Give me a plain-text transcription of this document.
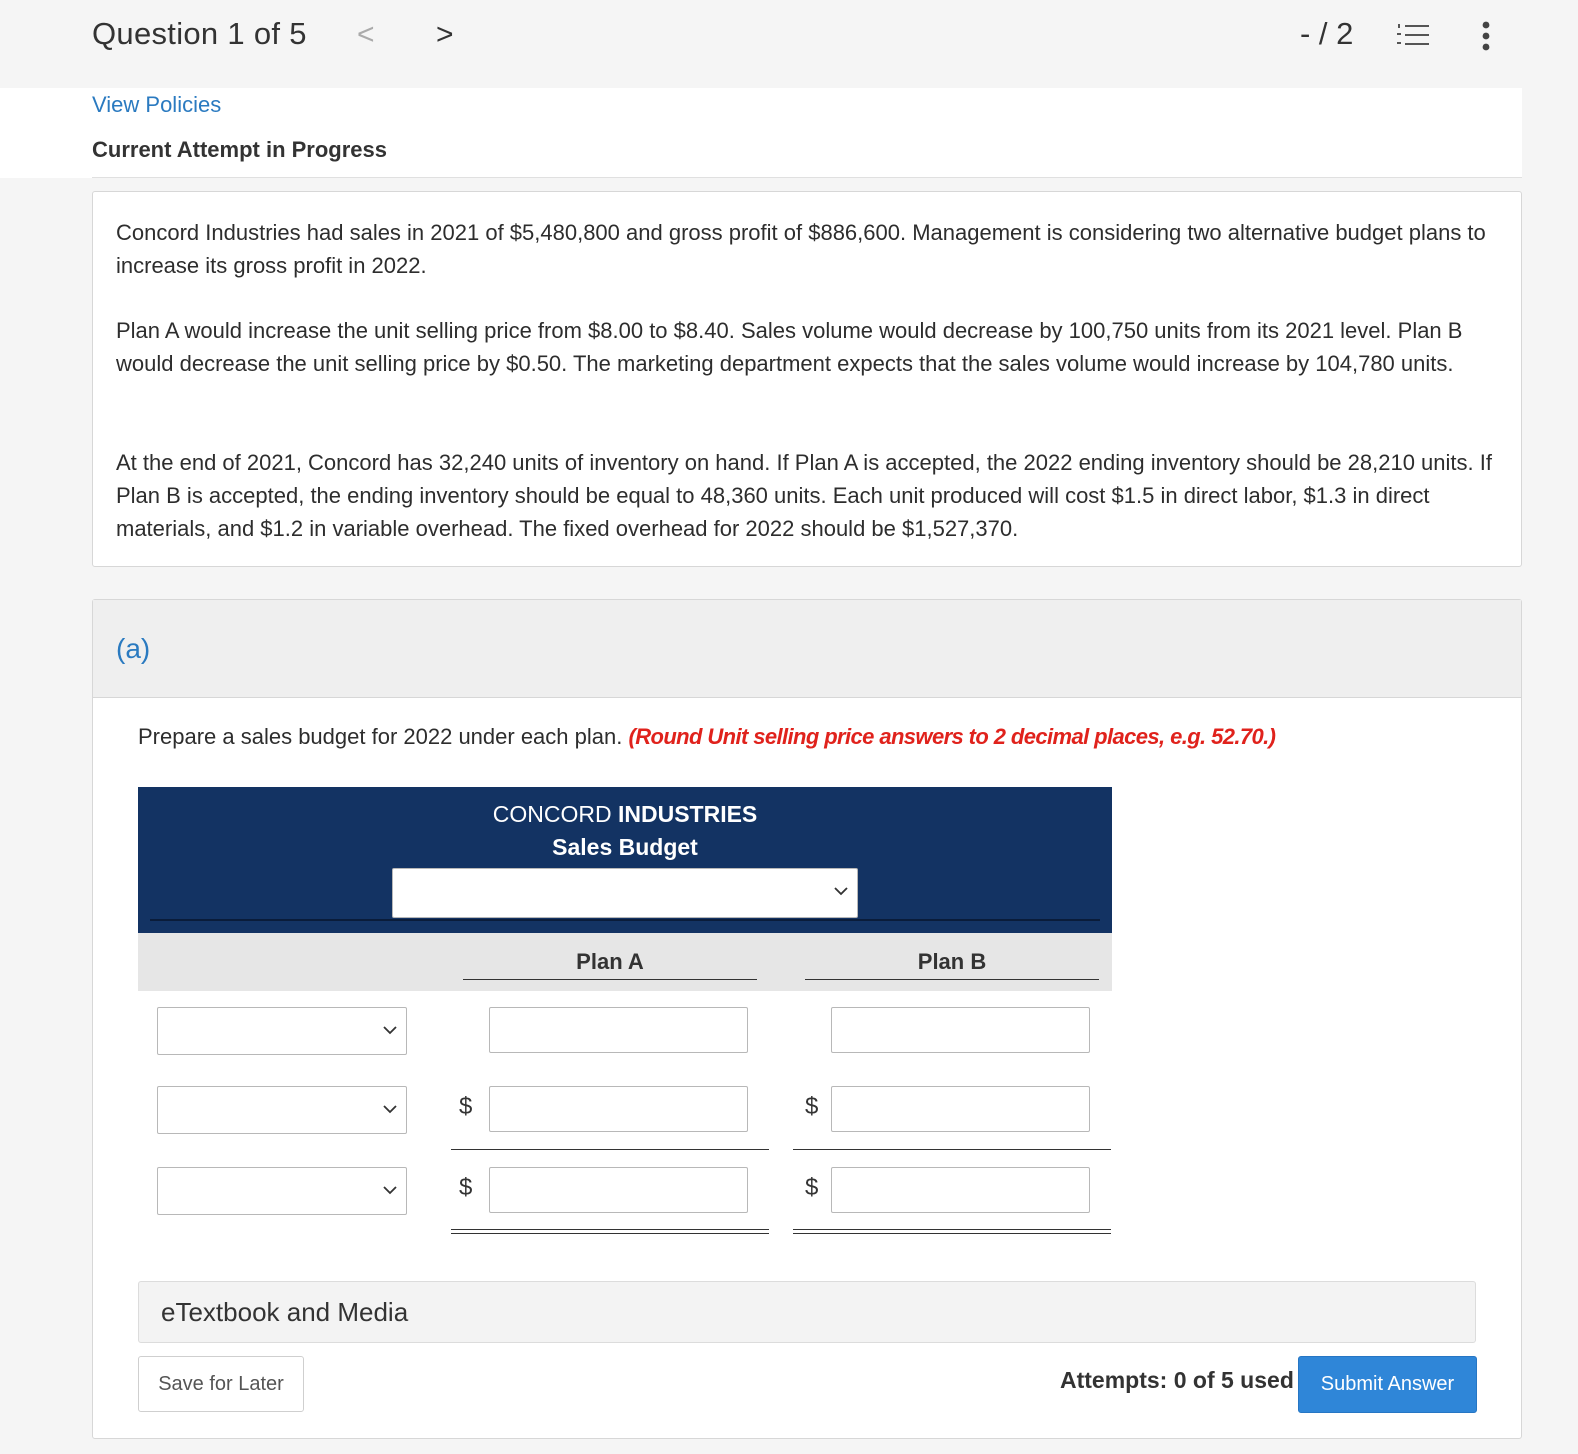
Question 1 of 5 < >	- / 2
View Policies
Current Attempt in Progress
Concord Industries had sales in 2021 of $5,480,800 and gross profit of $886,600. Management is considering two alternative budget plans to increase its gross profit in 2022.
Plan A would increase the unit selling price from $8.00 to $8.40. Sales volume would decrease by 100,750 units from its 2021 level. Plan B would decrease the unit selling price by $0.50. The marketing department expects that the sales volume would increase by 104,780 units.
At the end of 2021, Concord has 32,240 units of inventory on hand. If Plan A is accepted, the 2022 ending inventory should be 28,210 units. If Plan B is accepted, the ending inventory should be equal to 48,360 units. Each unit produced will cost $1.5 in direct labor, $1.3 in direct materials, and $1.2 in variable overhead. The fixed overhead for 2022 should be $1,527,370.
(a)
Prepare a sales budget for 2022 under each plan. (Round Unit selling price answers to 2 decimal places, e.g. 52.70.)
CONCORD INDUSTRIES
Sales Budget
Plan A	Plan B
$	$
$	$
eTextbook and Media
Save for Later	Attempts: 0 of 5 used	Submit Answer
